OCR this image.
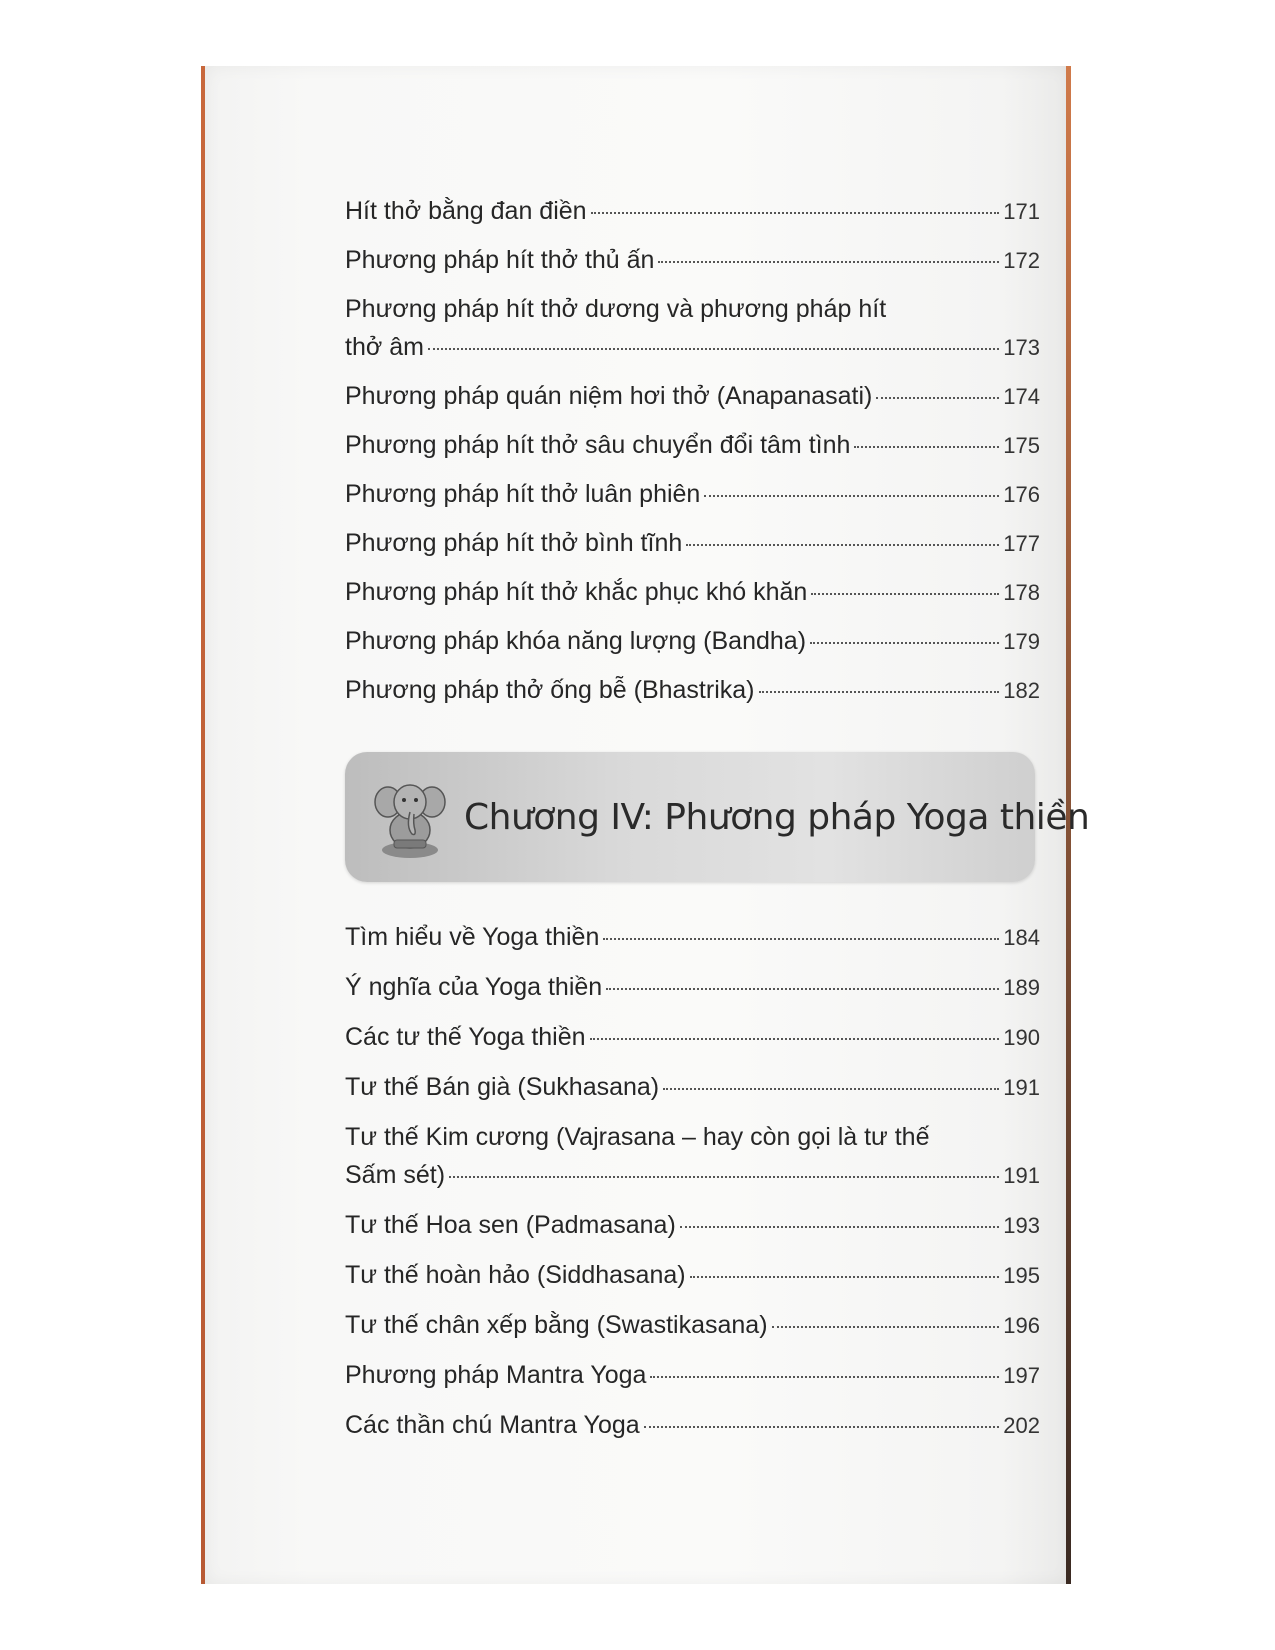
Hít thở bằng đan điền	171
Phương pháp hít thở thủ ấn	172
Phương pháp hít thở dương và phương pháp hít
thở âm	173
Phương pháp quán niệm hơi thở (Anapanasati)	174
Phương pháp hít thở sâu chuyển đổi tâm tình	175
Phương pháp hít thở luân phiên	176
Phương pháp hít thở bình tĩnh	177
Phương pháp hít thở khắc phục khó khăn	178
Phương pháp khóa năng lượng (Bandha)	179
Phương pháp thở ống bễ (Bhastrika)	182
Chương IV: Phương pháp Yoga thiền
Tìm hiểu về Yoga thiền	184
Ý nghĩa của Yoga thiền	189
Các tư thế Yoga thiền	190
Tư thế Bán già (Sukhasana)	191
Tư thế Kim cương (Vajrasana – hay còn gọi là tư thế
Sấm sét)	191
Tư thế Hoa sen (Padmasana)	193
Tư thế hoàn hảo (Siddhasana)	195
Tư thế chân xếp bằng (Swastikasana)	196
Phương pháp Mantra Yoga	197
Các thần chú Mantra Yoga	202
